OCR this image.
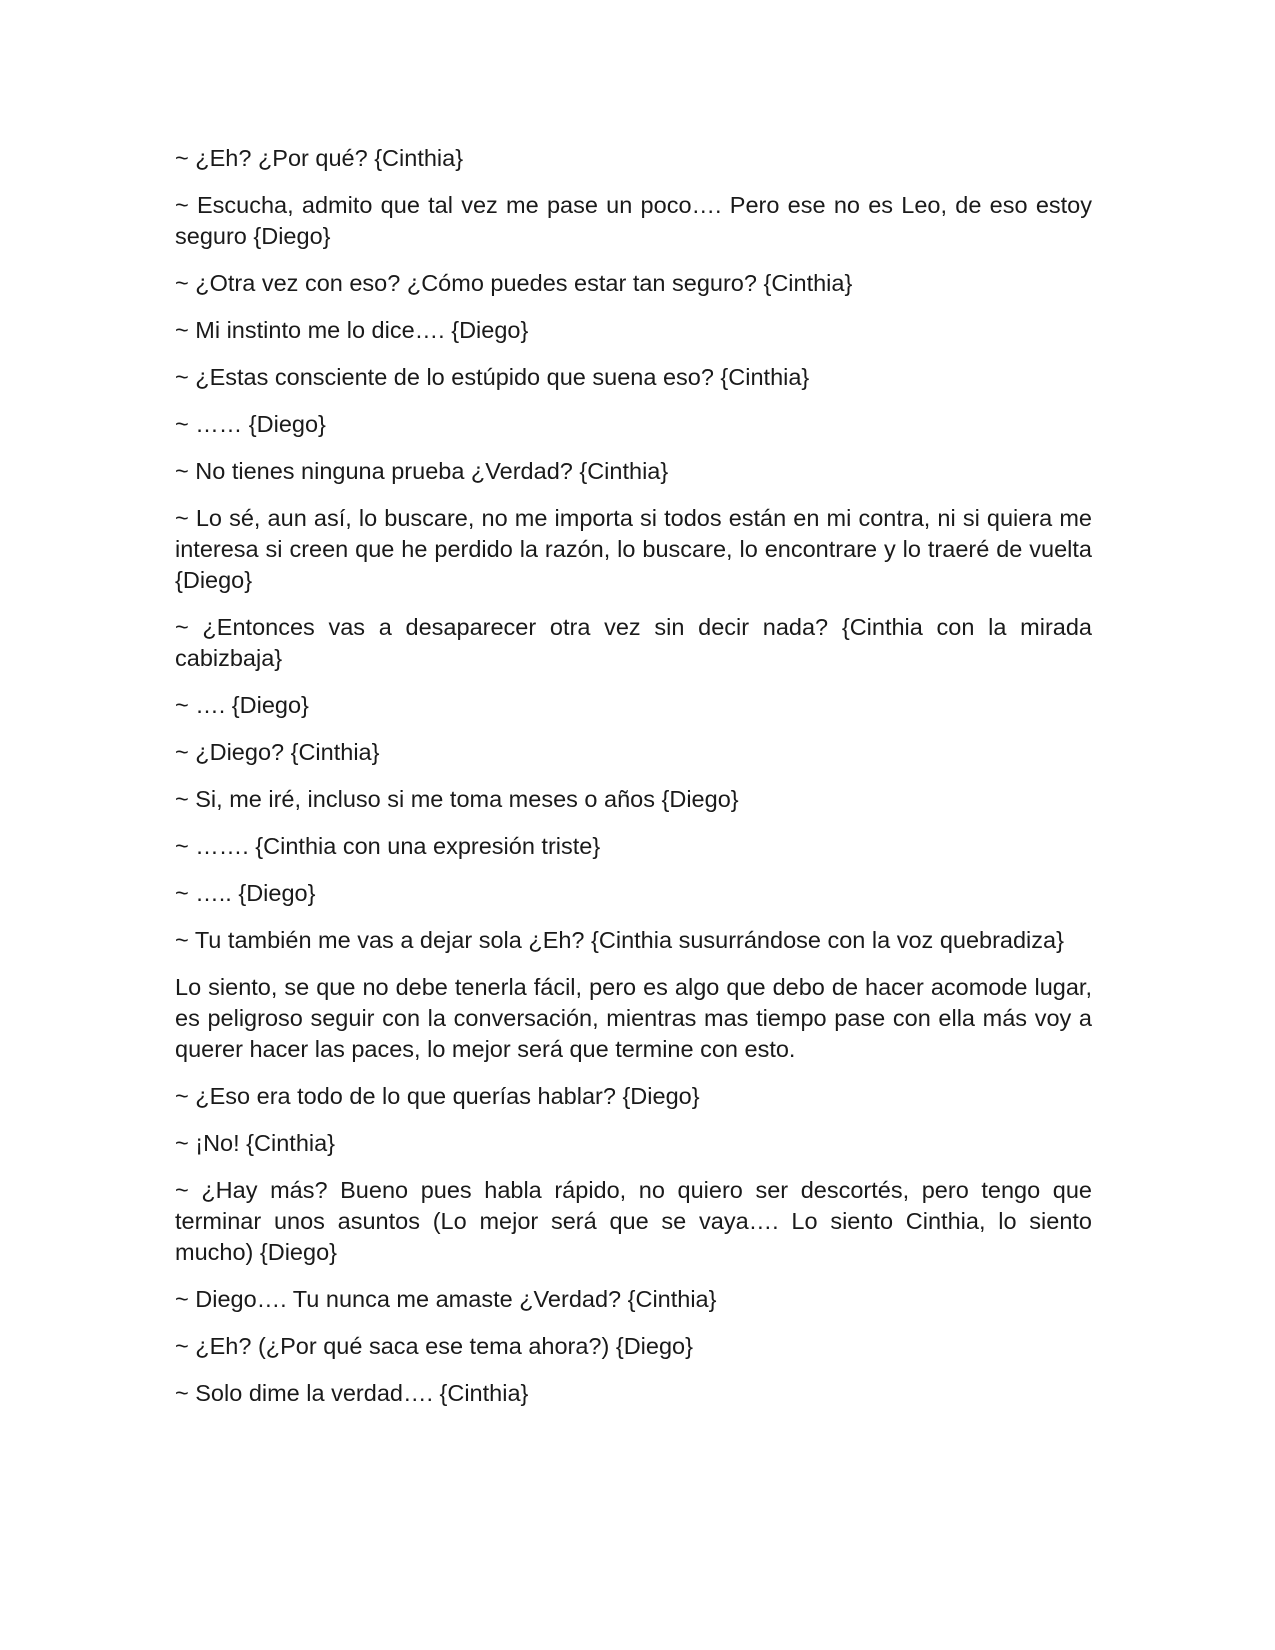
~ ¿Eh? ¿Por qué? {Cinthia}

~ Escucha, admito que tal vez me pase un poco…. Pero ese no es Leo, de eso estoy seguro {Diego}

~ ¿Otra vez con eso? ¿Cómo puedes estar tan seguro? {Cinthia}

~ Mi instinto me lo dice…. {Diego}

~ ¿Estas consciente de lo estúpido que suena eso? {Cinthia}

~ …… {Diego}

~ No tienes ninguna prueba ¿Verdad? {Cinthia}

~ Lo sé, aun así, lo buscare, no me importa si todos están en mi contra, ni si quiera me interesa si creen que he perdido la razón, lo buscare, lo encontrare y lo traeré de vuelta {Diego}

~ ¿Entonces vas a desaparecer otra vez sin decir nada? {Cinthia con la mirada cabizbaja}

~ …. {Diego}

~ ¿Diego? {Cinthia}

~ Si, me iré, incluso si me toma meses o años {Diego}

~ ……. {Cinthia con una expresión triste}

~ ….. {Diego}

~ Tu también me vas a dejar sola ¿Eh? {Cinthia susurrándose con la voz quebradiza}

Lo siento, se que no debe tenerla fácil, pero es algo que debo de hacer acomode lugar, es peligroso seguir con la conversación, mientras mas tiempo pase con ella más voy a querer hacer las paces, lo mejor será que termine con esto.

~ ¿Eso era todo de lo que querías hablar? {Diego}

~ ¡No! {Cinthia}

~ ¿Hay más? Bueno pues habla rápido, no quiero ser descortés, pero tengo que terminar unos asuntos (Lo mejor será que se vaya…. Lo siento Cinthia, lo siento mucho) {Diego}

~ Diego…. Tu nunca me amaste ¿Verdad? {Cinthia}

~ ¿Eh? (¿Por qué saca ese tema ahora?) {Diego}

~ Solo dime la verdad…. {Cinthia}
